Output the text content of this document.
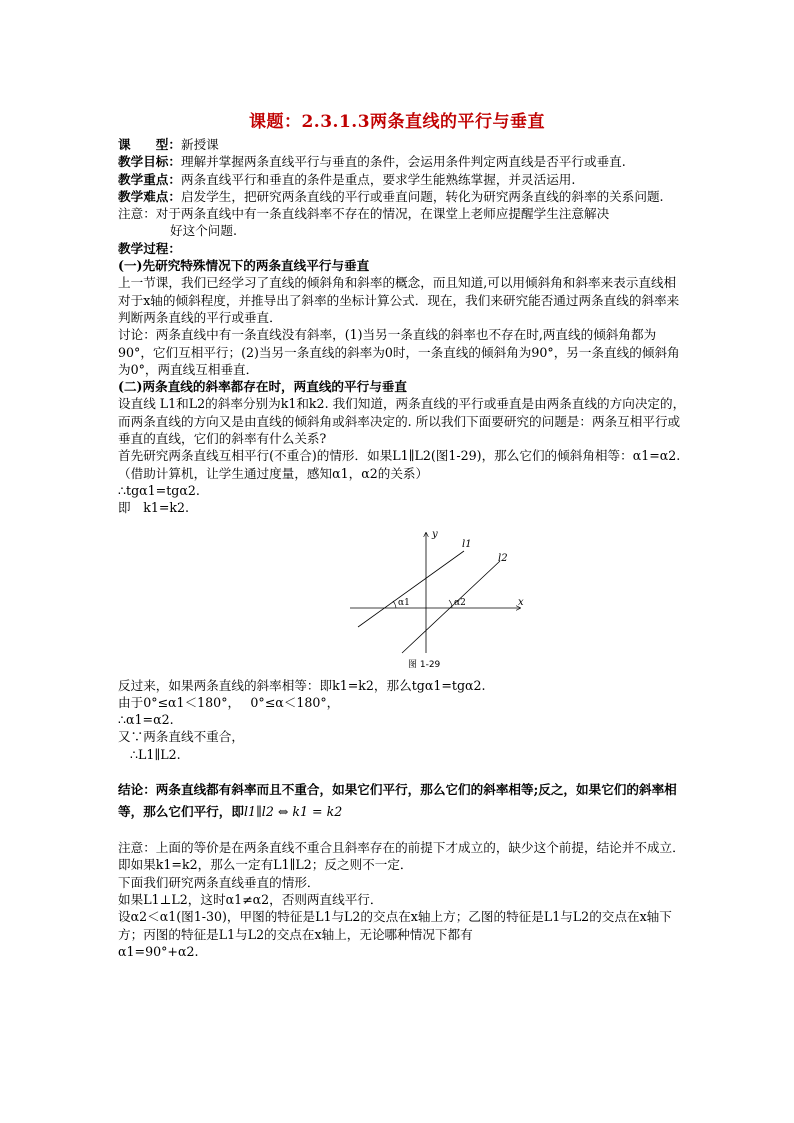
课题：2.3.1.3两条直线的平行与垂直

课　　型：新授课

教学目标：理解并掌握两条直线平行与垂直的条件，会运用条件判定两直线是否平行或垂直.

教学重点：两条直线平行和垂直的条件是重点，要求学生能熟练掌握，并灵活运用.

教学难点：启发学生，把研究两条直线的平行或垂直问题，转化为研究两条直线的斜率的关系问题.

注意：对于两条直线中有一条直线斜率不存在的情况，在课堂上老师应提醒学生注意解决

好这个问题.

教学过程：

(一)先研究特殊情况下的两条直线平行与垂直

上一节课，我们已经学习了直线的倾斜角和斜率的概念，而且知道,可以用倾斜角和斜率来表示直线相对于x轴的倾斜程度，并推导出了斜率的坐标计算公式．现在，我们来研究能否通过两条直线的斜率来判断两条直线的平行或垂直．

讨论：两条直线中有一条直线没有斜率，(1)当另一条直线的斜率也不存在时,两直线的倾斜角都为90°，它们互相平行；(2)当另一条直线的斜率为0时，一条直线的倾斜角为90°，另一条直线的倾斜角为0°，两直线互相垂直．

(二)两条直线的斜率都存在时，两直线的平行与垂直

设直线 L1和L2的斜率分别为k1和k2. 我们知道，两条直线的平行或垂直是由两条直线的方向决定的，而两条直线的方向又是由直线的倾斜角或斜率决定的. 所以我们下面要研究的问题是：两条互相平行或垂直的直线，它们的斜率有什么关系?

首先研究两条直线互相平行(不重合)的情形．如果L1∥L2(图1-29)，那么它们的倾斜角相等：α1=α2.（借助计算机，让学生通过度量，感知α1，α2的关系）

∴tgα1=tgα2.

即　k1=k2.

y
x
l1
l2
α1	α2
图 1-29

反过来，如果两条直线的斜率相等：即k1=k2，那么tgα1=tgα2.

由于0°≤α1＜180°，　 0°≤α＜180°，

∴α1=α2.

又∵两条直线不重合，

∴L1∥L2.

结论：两条直线都有斜率而且不重合，如果它们平行，那么它们的斜率相等;反之，如果它们的斜率相等，那么它们平行，即l1∥l2 ⇔ k1 = k2

注意：上面的等价是在两条直线不重合且斜率存在的前提下才成立的，缺少这个前提，结论并不成立．即如果k1=k2，那么一定有L1∥L2；反之则不一定．

下面我们研究两条直线垂直的情形．

如果L1⊥L2，这时α1≠α2，否则两直线平行．

设α2＜α1(图1-30)，甲图的特征是L1与L2的交点在x轴上方；乙图的特征是L1与L2的交点在x轴下方；丙图的特征是L1与L2的交点在x轴上，无论哪种情况下都有

α1=90°+α2.
